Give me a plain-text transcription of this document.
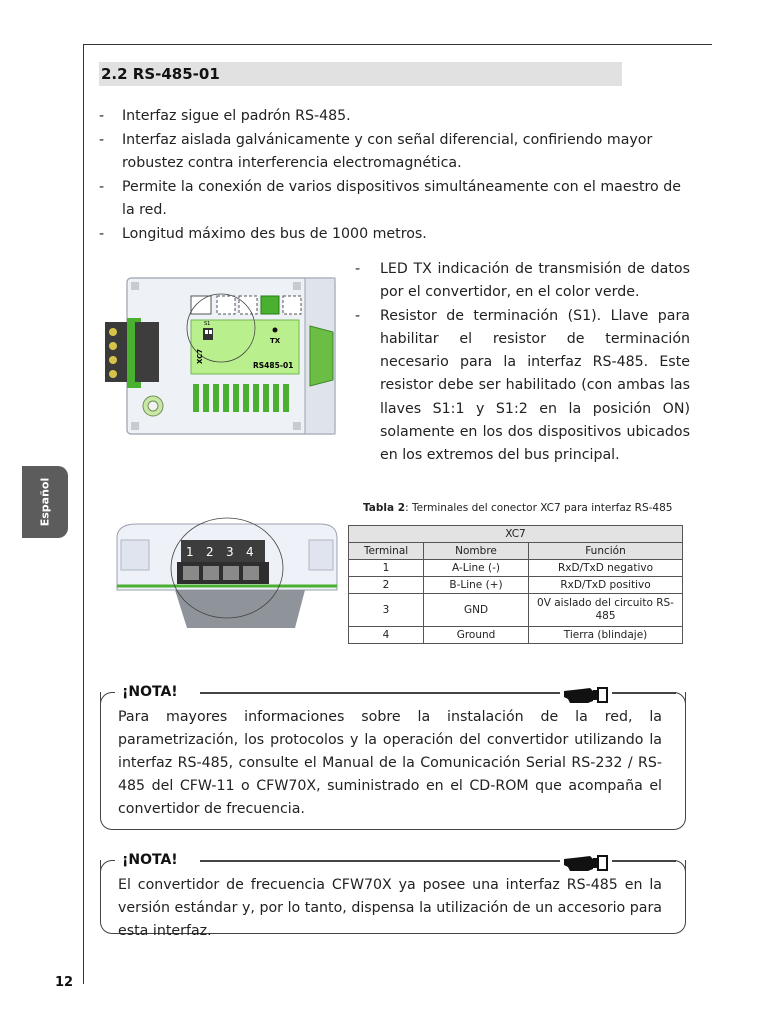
2.2 RS-485-01
- Interfaz sigue el padrón RS-485.
- Interfaz aislada galvánicamente y con señal diferencial, confiriendo mayor robustez contra interferencia electromagnética.
- Permite la conexión de varios dispositivos simultáneamente con el maestro de la red.
- Longitud máximo des bus de 1000 metros.
S1
TX
XC7
RS485-01
- LED TX indicación de transmisión de datos por el convertidor, en el color verde.
- Resistor de terminación (S1). Llave para habilitar el resistor de terminación necesario para la interfaz RS-485. Este resistor debe ser habilitado (con ambas las llaves S1:1 y S1:2 en la posición ON) solamente en los dos dispositivos ubicados en los extremos del bus principal.
Español	Tabla 2: Terminales del conector XC7 para interfaz RS-485
XC7		
Terminal	Nombre	Función
1	A-Line (-)	RxD/TxD negativo
2	B-Line (+)	RxD/TxD positivo
3	GND	0V aislado del circuito RS-485
4	Ground	Tierra (blindaje)
1 2 3 4
¡NOTA!
Para mayores informaciones sobre la instalación de la red, la parametrización, los protocolos y la operación del convertidor utilizando la interfaz RS-485, consulte el Manual de la Comunicación Serial RS-232 / RS-485 del CFW-11 o CFW70X, suministrado en el CD-ROM que acompaña el convertidor de frecuencia.
¡NOTA!
El convertidor de frecuencia CFW70X ya posee una interfaz RS-485 en la versión estándar y, por lo tanto, dispensa la utilización de un accesorio para esta interfaz.
12
